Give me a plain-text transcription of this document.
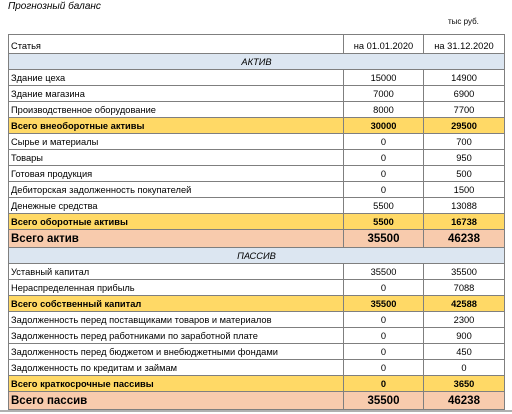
Прогнозный баланс
тыс руб.
Статья	на 01.01.2020	на 31.12.2020
АКТИВ		
Здание цеха	15000	14900
Здание магазина	7000	6900
Производственное оборудование	8000	7700
Всего внеоборотные активы	30000	29500
Сырье и материалы	0	700
Товары	0	950
Готовая продукция	0	500
Дебиторская задолженность покупателей	0	1500
Денежные средства	5500	13088
Всего оборотные активы	5500	16738
Всего актив	35500	46238
ПАССИВ		
Уставный капитал	35500	35500
Нераспределенная прибыль	0	7088
Всего собственный капитал	35500	42588
Задолженность перед поставщиками товаров и материалов	0	2300
Задолженность перед работниками по заработной плате	0	900
Задолженность перед бюджетом и внебюджетными фондами	0	450
Задолженность по кредитам и займам	0	0
Всего краткосрочные пассивы	0	3650
Всего пассив	35500	46238
